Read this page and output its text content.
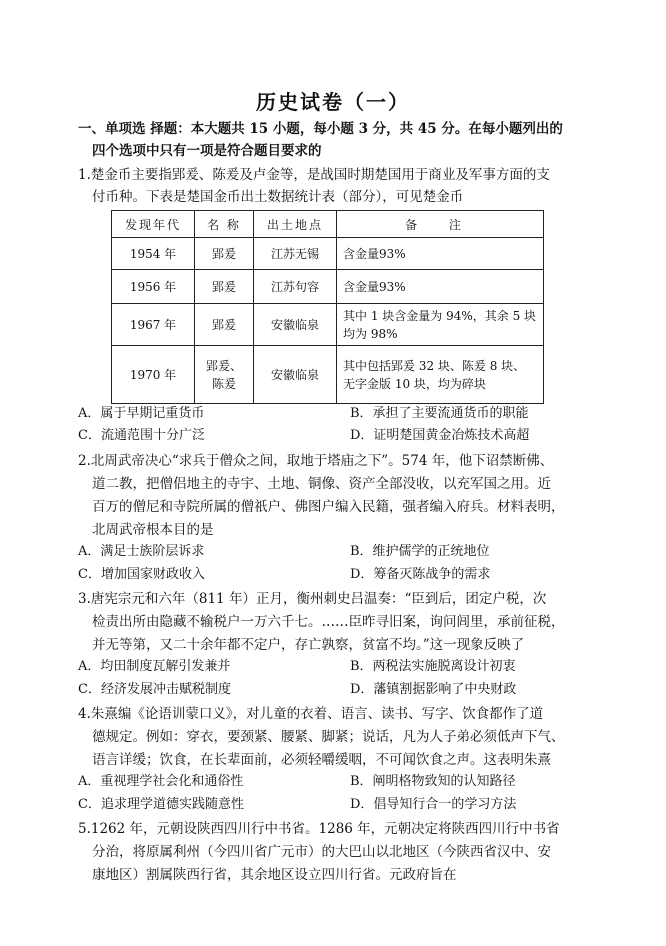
历史试卷（一）
一、单项选 择题：本大题共 15 小题，每小题 3 分，共 45 分。在每小题列出的
四个选项中只有一项是符合题目要求的
1.楚金币主要指郢爰、陈爰及卢金等，是战国时期楚国用于商业及军事方面的支
付币种。下表是楚国金币出土数据统计表（部分），可见楚金币
发现年代	名 称	出土地点	备 注
1954 年	郢爰	江苏无锡	含金量93%
1956 年	郢爰	江苏句容	含金量93%
1967 年	郢爰	安徽临泉	其中 1 块含金量为 94%，其余 5 块均为 98%
1970 年	郢爰、陈爰	安徽临泉	其中包括郢爰 32 块、陈爰 8 块、无字金版 10 块，均为碎块
A．属于早期记重货币	B．承担了主要流通货币的职能
C．流通范围十分广泛	D．证明楚国黄金冶炼技术高超
2.北周武帝决心“求兵于僧众之间，取地于塔庙之下”。574 年，他下诏禁断佛、
道二教，把僧侣地主的寺宇、土地、铜像、资产全部没收，以充军国之用。近
百万的僧尼和寺院所属的僧祇户、佛图户编入民籍，强者编入府兵。材料表明，
北周武帝根本目的是
A．满足士族阶层诉求	B．维护儒学的正统地位
C．增加国家财政收入	D．筹备灭陈战争的需求
3.唐宪宗元和六年（811 年）正月，衡州刺史吕温奏：“臣到后，团定户税，次
检责出所由隐藏不输税户一万六千七。……臣昨寻旧案，询问闾里，承前征税，
并无等第，又二十余年都不定户，存亡孰察，贫富不均。”这一现象反映了
A．均田制度瓦解引发兼并	B．两税法实施脱离设计初衷
C．经济发展冲击赋税制度	D．藩镇割据影响了中央财政
4.朱熹编《论语训蒙口义》，对儿童的衣着、语言、读书、写字、饮食都作了道
德规定。例如：穿衣，要颈紧、腰紧、脚紧；说话，凡为人子弟必须低声下气、
语言详缓；饮食，在长辈面前，必须轻嚼缓咽，不可闻饮食之声。这表明朱熹
A．重视理学社会化和通俗性	B．阐明格物致知的认知路径
C．追求理学道德实践随意性	D．倡导知行合一的学习方法
5.1262 年，元朝设陕西四川行中书省。1286 年，元朝决定将陕西四川行中书省
分治，将原属利州（今四川省广元市）的大巴山以北地区（今陕西省汉中、安
康地区）割属陕西行省，其余地区设立四川行省。元政府旨在
